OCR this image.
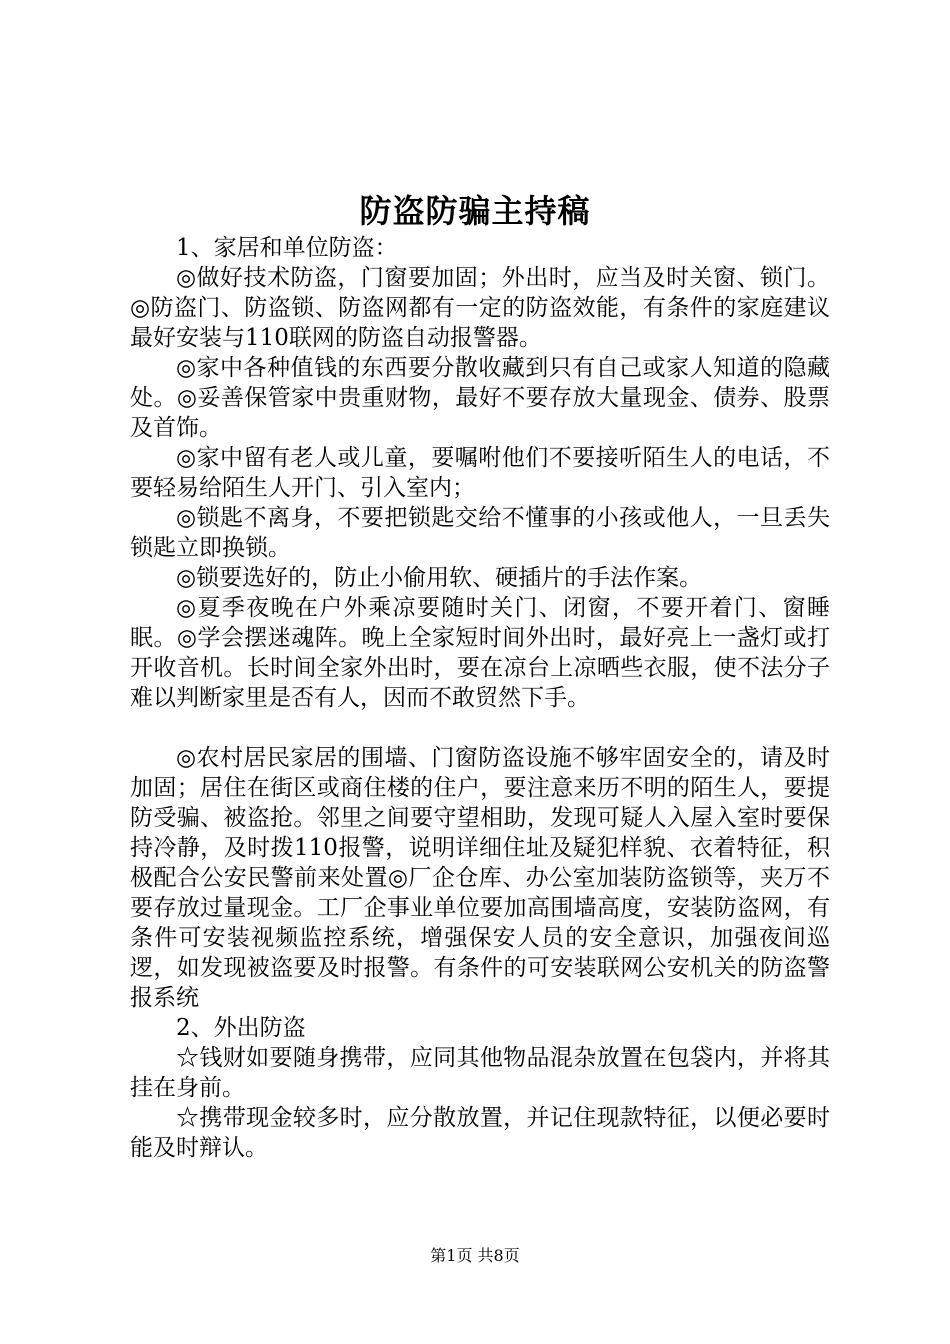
防盗防骗主持稿

1、家居和单位防盗：

◎做好技术防盗，门窗要加固；外出时，应当及时关窗、锁门。◎防盗门、防盗锁、防盗网都有一定的防盗效能，有条件的家庭建议最好安装与110联网的防盗自动报警器。

◎家中各种值钱的东西要分散收藏到只有自己或家人知道的隐藏处。◎妥善保管家中贵重财物，最好不要存放大量现金、债券、股票及首饰。

◎家中留有老人或儿童，要嘱咐他们不要接听陌生人的电话，不要轻易给陌生人开门、引入室内；

◎锁匙不离身，不要把锁匙交给不懂事的小孩或他人，一旦丢失锁匙立即换锁。

◎锁要选好的，防止小偷用软、硬插片的手法作案。

◎夏季夜晚在户外乘凉要随时关门、闭窗，不要开着门、窗睡眠。◎学会摆迷魂阵。晚上全家短时间外出时，最好亮上一盏灯或打开收音机。长时间全家外出时，要在凉台上凉晒些衣服，使不法分子难以判断家里是否有人，因而不敢贸然下手。

◎农村居民家居的围墙、门窗防盗设施不够牢固安全的，请及时加固；居住在街区或商住楼的住户，要注意来历不明的陌生人，要提防受骗、被盗抢。邻里之间要守望相助，发现可疑人入屋入室时要保持冷静，及时拨110报警，说明详细住址及疑犯样貌、衣着特征，积极配合公安民警前来处置◎厂企仓库、办公室加装防盗锁等，夹万不要存放过量现金。工厂企事业单位要加高围墙高度，安装防盗网，有条件可安装视频监控系统，增强保安人员的安全意识，加强夜间巡逻，如发现被盗要及时报警。有条件的可安装联网公安机关的防盗警报系统

2、外出防盗

☆钱财如要随身携带，应同其他物品混杂放置在包袋内，并将其挂在身前。

☆携带现金较多时，应分散放置，并记住现款特征，以便必要时能及时辩认。

第1页 共8页
